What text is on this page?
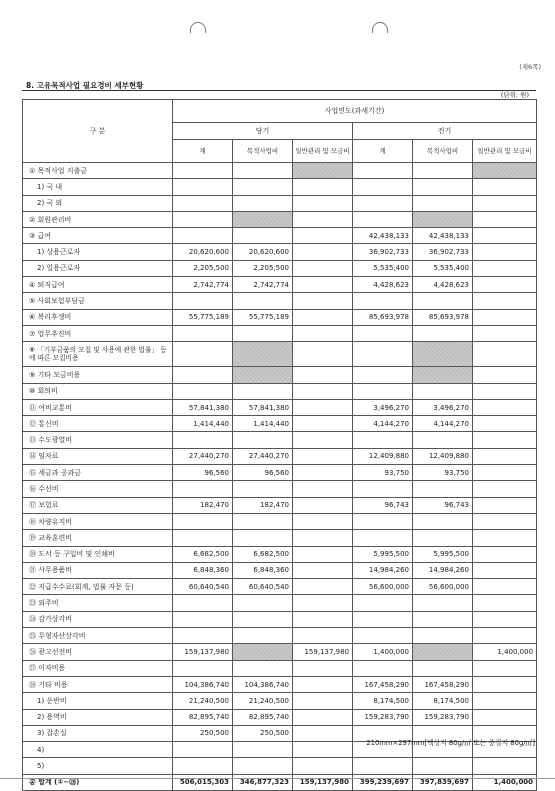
(제6쪽)
8. 고유목적사업 필요경비 세부현황
(단위: 원)
구 분	사업연도(과세기간)					
	당기			전기		
	계	목적사업비	일반관리 및 모금비	계	목적사업비	일반관리 및 모금비
① 목적사업 지출금						
1) 국 내						
2) 국 외						
② 회원관리비						
③ 급여				42,438,133	42,438,133	
1) 상용근로자	20,620,600	20,620,600		36,902,733	36,902,733	
2) 일용근로자	2,205,500	2,205,500		5,535,400	5,535,400	
④ 퇴직급여	2,742,774	2,742,774		4,428,623	4,428,623	
⑤ 사회보험부담금						
⑥ 복리후생비	55,775,189	55,775,189		85,693,978	85,693,978	
⑦ 업무추진비						
⑧ 「기부금품의 모집 및 사용에 관한 법률」 등에 따른 모집비용						
⑨ 기타 모금비용						
⑩ 회의비						
⑪ 여비교통비	57,841,380	57,841,380		3,496,270	3,496,270	
⑫ 통신비	1,414,440	1,414,440		4,144,270	4,144,270	
⑬ 수도광열비						
⑭ 임차료	27,440,270	27,440,270		12,409,880	12,409,880	
⑮ 세금과 공과금	96,560	96,560		93,750	93,750	
⑯ 수선비						
⑰ 보험료	182,470	182,470		96,743	96,743	
⑱ 차량유지비						
⑲ 교육훈련비						
⑳ 도서 등 구입비 및 인쇄비	6,682,500	6,682,500		5,995,500	5,995,500	
㉑ 사무용품비	6,848,360	6,848,360		14,984,260	14,984,260	
㉒ 지급수수료(회계, 법률 자문 등)	60,640,540	60,640,540		56,600,000	56,600,000	
㉓ 외주비						
㉔ 감가상각비						
㉕ 무형자산상각비						
㉖ 광고선전비	159,137,980		159,137,980	1,400,000		1,400,000
㉗ 이자비용						
㉘ 기타 비용	104,386,740	104,386,740		167,458,290	167,458,290	
1) 운반비	21,240,500	21,240,500		8,174,500	8,174,500	
2) 용역비	82,895,740	82,895,740		159,283,790	159,283,790	
3) 잡손실	250,500	250,500				
4)						
5)						
총 합계 (①~㉘)	506,015,303	346,877,323	159,137,980	399,239,697	397,839,697	1,400,000
210mm×297mm[백상지 80g/㎡ 또는 중질지 80g/㎡]
